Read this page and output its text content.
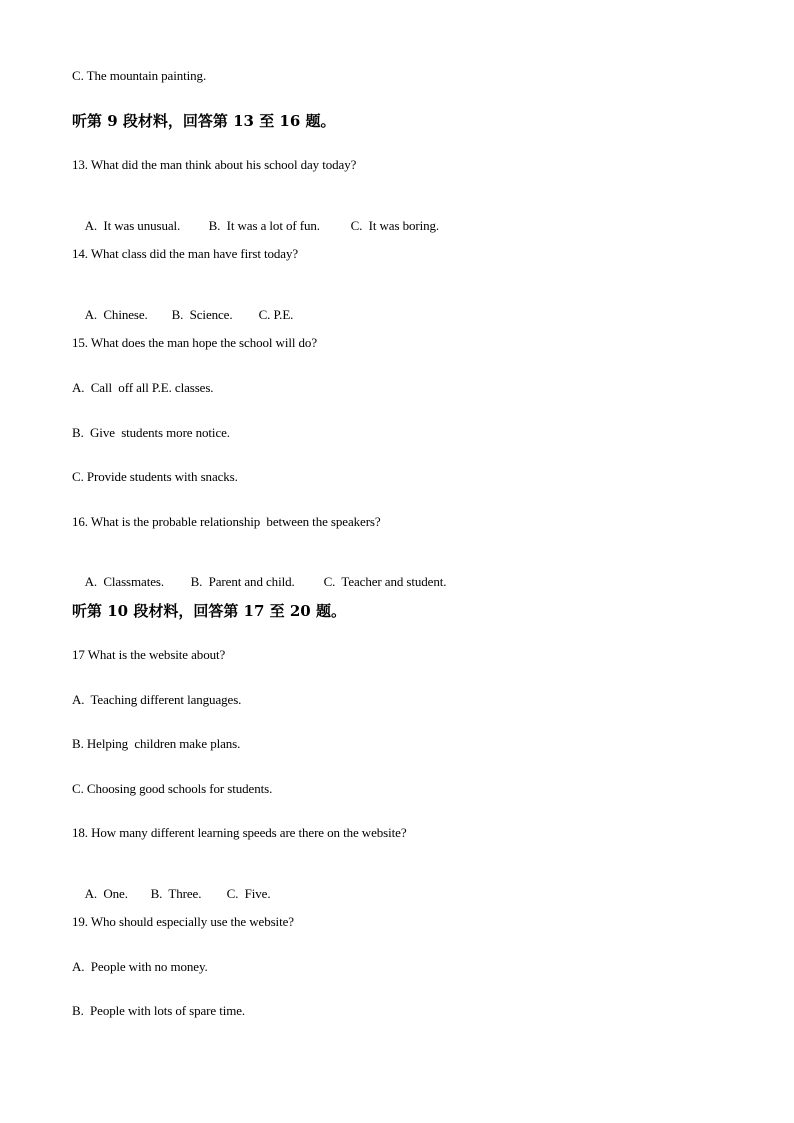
C. The mountain painting.
听第 9 段材料，回答第 13 至 16 题。
13. What did the man think about his school day today?

A.  It was unusual. B.  It was a lot of fun. C.  It was boring.

14. What class did the man have first today?

A.  Chinese. B.  Science. C. P.E.

15. What does the man hope the school will do?
A.  Call  off all P.E. classes.
B.  Give  students more notice.
C. Provide students with snacks.
16. What is the probable relationship  between the speakers?

A.  Classmates. B.  Parent and child. C.  Teacher and student.

听第 10 段材料，回答第 17 至 20 题。
17 What is the website about?
A.  Teaching different languages.
B. Helping  children make plans.
C. Choosing good schools for students.
18. How many different learning speeds are there on the website?

A.  One. B.  Three. C.  Five.

19. Who should especially use the website?
A.  People with no money.
B.  People with lots of spare time.
